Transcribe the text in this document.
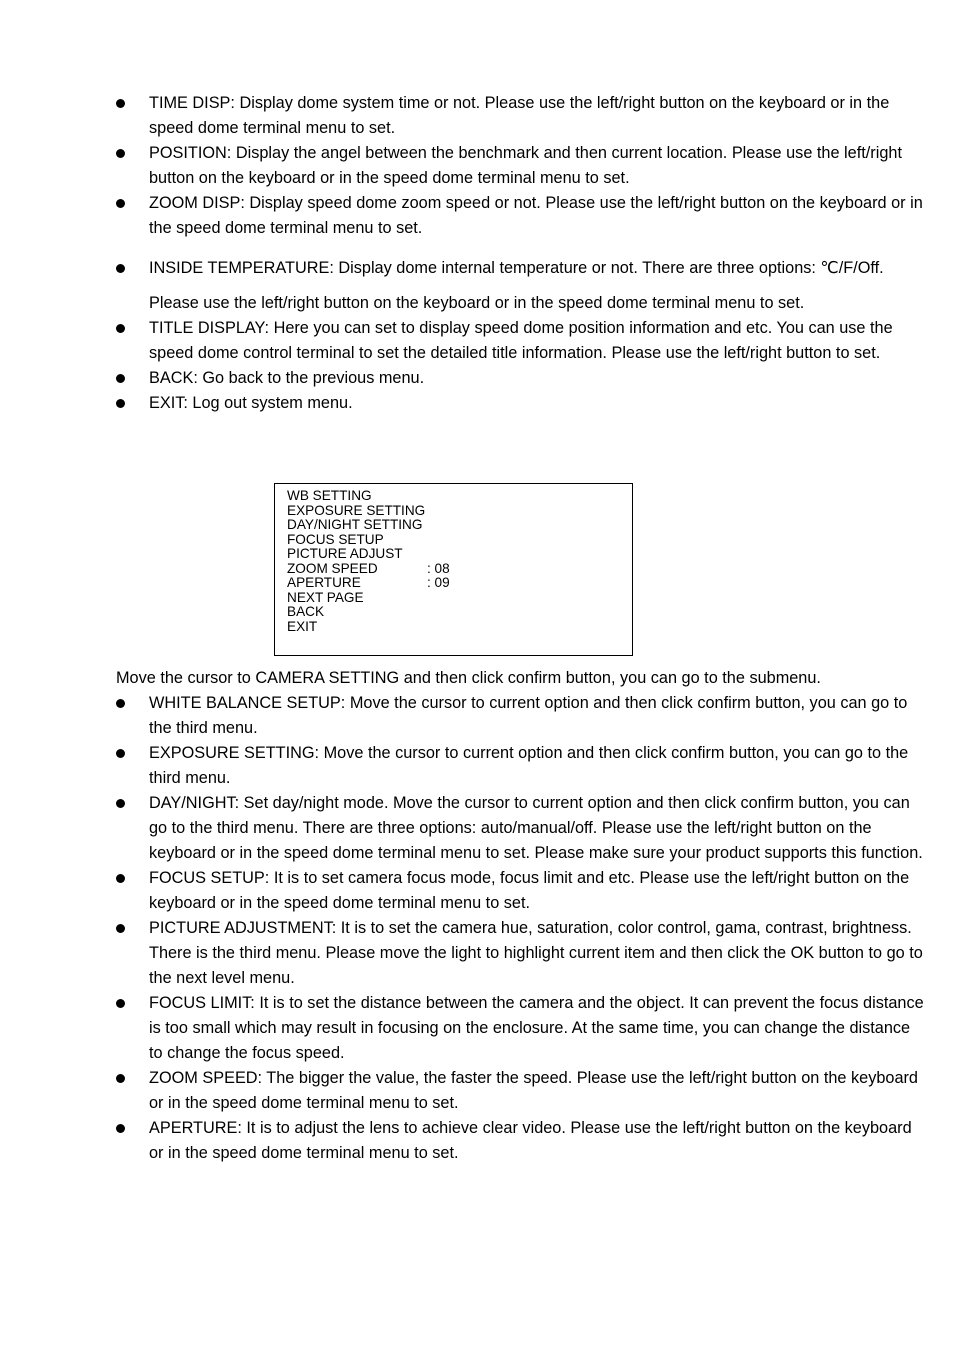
TIME DISP: Display dome system time or not. Please use the left/right button on the keyboard or in the speed dome terminal menu to set.
POSITION: Display the angel between the benchmark and then current location. Please use the left/right button on the keyboard or in the speed dome terminal menu to set.
ZOOM DISP: Display speed dome zoom speed or not. Please use the left/right button on the keyboard or in the speed dome terminal menu to set.
INSIDE TEMPERATURE: Display dome internal temperature or not. There are three options: ℃/F/Off.
Please use the left/right button on the keyboard or in the speed dome terminal menu to set.
TITLE DISPLAY: Here you can set to display speed dome position information and etc. You can use the speed dome control terminal to set the detailed title information. Please use the left/right button to set.
BACK: Go back to the previous menu.
EXIT: Log out system menu.
WB SETTING
EXPOSURE SETTING
DAY/NIGHT SETTING
FOCUS SETUP
PICTURE ADJUST
ZOOM SPEED	: 08
APERTURE	: 09
NEXT PAGE
BACK
EXIT
Move the cursor to CAMERA SETTING and then click confirm button, you can go to the submenu.
WHITE BALANCE SETUP: Move the cursor to current option and then click confirm button, you can go to the third menu.
EXPOSURE SETTING: Move the cursor to current option and then click confirm button, you can go to the third menu.
DAY/NIGHT: Set day/night mode. Move the cursor to current option and then click confirm button, you can go to the third menu. There are three options: auto/manual/off. Please use the left/right button on the keyboard or in the speed dome terminal menu to set. Please make sure your product supports this function.
FOCUS SETUP: It is to set camera focus mode, focus limit and etc. Please use the left/right button on the keyboard or in the speed dome terminal menu to set.
PICTURE ADJUSTMENT: It is to set the camera hue, saturation, color control, gama, contrast, brightness. There is the third menu. Please move the light to highlight current item and then click the OK button to go to the next level menu.
FOCUS LIMIT: It is to set the distance between the camera and the object. It can prevent the focus distance is too small which may result in focusing on the enclosure. At the same time, you can change the distance to change the focus speed.
ZOOM SPEED: The bigger the value, the faster the speed. Please use the left/right button on the keyboard or in the speed dome terminal menu to set.
APERTURE: It is to adjust the lens to achieve clear video. Please use the left/right button on the keyboard or in the speed dome terminal menu to set.
